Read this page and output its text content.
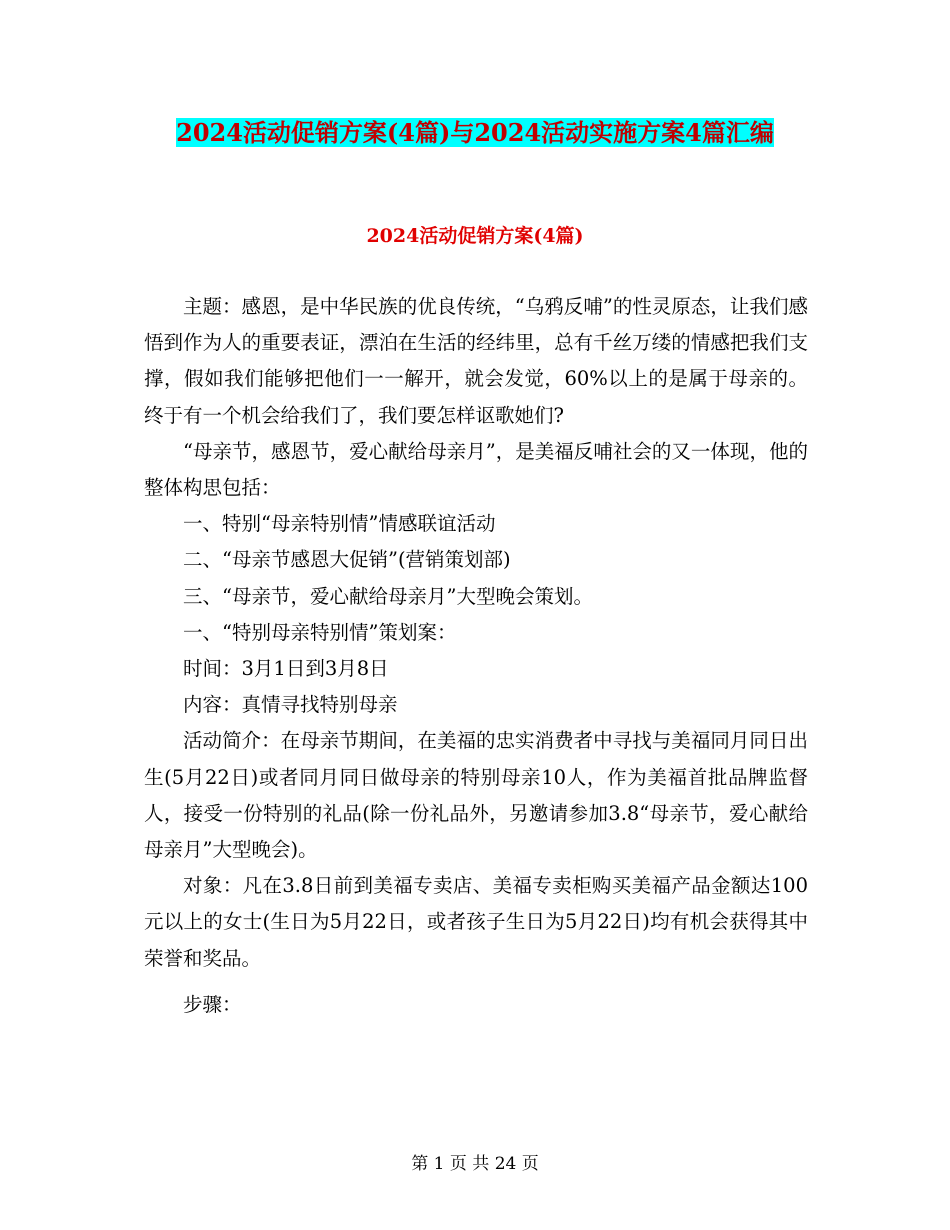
2024活动促销方案(4篇)与2024活动实施方案4篇汇编
2024活动促销方案(4篇)

主题：感恩，是中华民族的优良传统，“乌鸦反哺”的性灵原态，让我们感悟到作为人的重要表证，漂泊在生活的经纬里，总有千丝万缕的情感把我们支撑，假如我们能够把他们一一解开，就会发觉，60%以上的是属于母亲的。终于有一个机会给我们了，我们要怎样讴歌她们?

“母亲节，感恩节，爱心献给母亲月”，是美福反哺社会的又一体现，他的整体构思包括：

一、特别“母亲特别情”情感联谊活动

二、“母亲节感恩大促销”(营销策划部)

三、“母亲节，爱心献给母亲月”大型晚会策划。

一、“特别母亲特别情”策划案：

时间：3月1日到3月8日

内容：真情寻找特别母亲

活动简介：在母亲节期间，在美福的忠实消费者中寻找与美福同月同日出生(5月22日)或者同月同日做母亲的特别母亲10人，作为美福首批品牌监督人，接受一份特别的礼品(除一份礼品外，另邀请参加3.8“母亲节，爱心献给母亲月”大型晚会)。

对象：凡在3.8日前到美福专卖店、美福专卖柜购买美福产品金额达100元以上的女士(生日为5月22日，或者孩子生日为5月22日)均有机会获得其中荣誉和奖品。

步骤：

第 1 页 共 24 页
